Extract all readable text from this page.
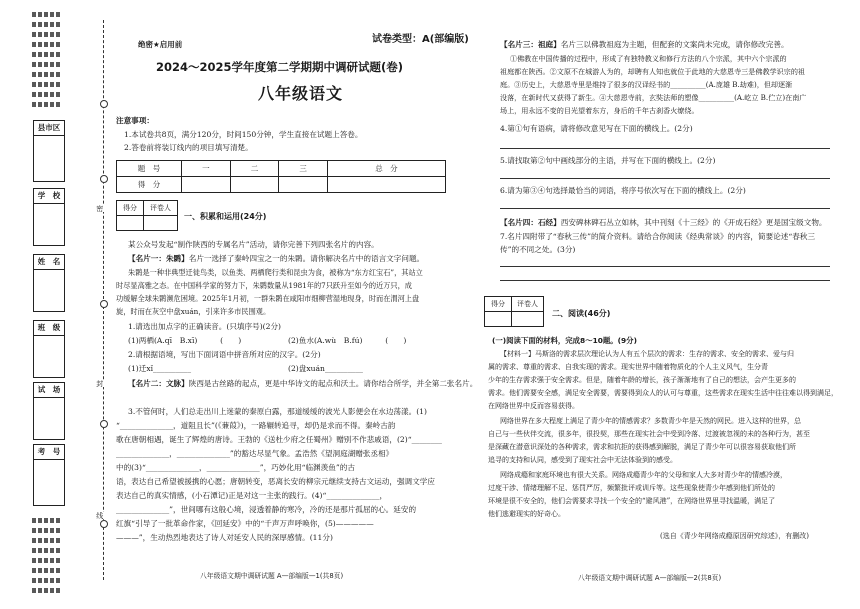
县市区
学　校
姓　名
班　级
试　场
考　号
密
封
线
绝密★启用前	试卷类型：A(部编版)
2024～2025学年度第二学期期中调研试题(卷)
八年级语文
注意事项：
1.本试卷共8页，满分120分，时间150分钟，学生直接在试题上答卷。
2.答卷前将装订线内的项目填写清楚。
题　号	一	二	三	总　分
得　分				
得分	评卷人

一、积累和运用(24分)
某公众号发起“制作陕西的专属名片”活动，请你完善下列四张名片的内容。
【名片一：朱鹮】名片一选择了秦岭四宝之一的朱鹮。请你解决名片中的语言文字问题。
朱鹮是一种非典型迁徙鸟类，以鱼类、两栖爬行类和昆虫为食，被称为“东方红宝石”，其站立
时尽显高雅之态。在中国科学家的努力下，朱鹮数量从1981年的7只跃升至如今的近万只，成
功缓解全球朱鹮濒危困境。2025年1月初，一群朱鹮在咸阳市细柳营湿地现身，时而在渭河上盘
旋，时而在灰空中盘xuán，引来许多市民围观。
1.请选出加点字的正确读音。(只填序号)(2分)
(1)两栖(A.qī　B.xī)　　　(　　)	(2)鱼水(A.wù　B.fú)　　　(　　)
2.请根据语境，写出下面词语中拼音所对应的汉字。(2分)
(1)迁xǐ__________	(2)盘xuán__________
【名片二：文脉】陕西是古丝路的起点，更是中华诗文的起点和沃土。请你结合所学，并全第二张名片。
3.不管何时，人们总走出川上迷蒙的秦原白露，那道缓缓的波光人影便会在水边荡漾。(1)
“______________，道阻且长”(《蒹葭》)，一路辗转追寻，却仍是求而不得。秦岭古韵
歌在唐朝相遇，诞生了辉煌的唐诗。王勃的《送杜少府之任蜀州》赠别不作悲戚语，(2)“________
______________，______________”的豁达尽显气象。孟浩然《望洞庭湖赠张丞相》
中的(3)“______________，______________”，巧妙化用“临渊羡鱼”的古
语，表达自己希望被援携的心愿；唐朝转变，恶离长安的柳宗元继续支持古文运动，强调文学应
表达自己的真实情感，(小石潭记)正是对这一主张的践行。(4)“______________，
______________”，世间哪有这般心境，浸透着静的寒冷，冷的还是那片孤屈的心。延安的
红旗“引导了一批革命作家，《回延安》中的“千声万声呼唤你，(5)—————
———”，生动热烈地表达了诗人对延安人民的深厚感情。(11分)
八年级语文期中调研试题 A—部编版—1(共8页)
【名片三：祖庭】名片三以佛教祖庭为主题，但配套的文案尚未完成，请你修改完善。
①佛教在中国传播的过程中，形成了有独特教义和修行方法的八个宗派，其中六个宗派的
祖庭都在陕西。②文原不在城游人为的，却聘有人知也就位于此地的大慈恩寺三是佛教学识宗的祖
庭。③历史上，大慈恩寺里是维持了很多的汉译经书的__________(A.庞雄 B.劫难)，但却逐渐
没落，在新时代又获得了新生。④大慈恩寺前，玄奘法师的塑像__________(A.屹立 B.伫立)在南广
场上，用永远不变的目光望着东方，身后的千年古刹香火缭绕。
4.第①句有语病，请将修改意见写在下面的横线上。(2分)
5.请找取第②句中画线部分的主语，并写在下面的横线上。(2分)
6.请为第③④句选择最恰当的词语，将序号依次写在下面的横线上。(2分)
【名片四：石经】西安碑林碑石丛立如林，其中刊刻《十三经》的《开成石经》更是国宝级文物。
7.名片四附带了“春秋三传”的简介资料。请给合你阅读《经典常谈》的内容，简要论述“春秋三
传”的不同之处。(3分)
得分	评卷人

二、阅读(46分)
(一)阅读下面的材料，完成8～10题。(9分)
【材料一】马斯洛的需求层次理论认为人有五个层次的需求：生存的需求、安全的需求、爱与归
属的需求、尊重的需求、自我实现的需求。现实世界中随着物质化的个人主义风气，生分青
少年的生存需求强于安全需求。但是，随着年龄的增长，孩子渐渐地有了自己的想法，会产生更多的
需求。他们需要安全感，满足安全需要，需要得到众人的认可与尊重，这些需求在现实生活中往往难以得到满足，
在网络世界中反而容易获得。
网络世界在多大程度上满足了青少年的情感需求？多数青少年是天然的网民。进入这样的世界，总
自己与一些伙伴交流，很多年，很投契，那些在现实社会中受到冷落、过渡被忽视的未的各种行为，甚至
是深藏在潜意识深处的各种需求，需求和抗拒的获得感到解脱，满足了青少年可以很容易获取他们所
追寻的支持和认同，感受到了现实社会中无法体验到的感受。
网络成瘾和家庭环境也有很大关系。网络成瘾青少年的父母和家人大多对青少年的情感冷漠，
过度干涉、情绪理解不足、惩罚严厉，频繁批评或训斥等。这些现象使青少年感到他们所处的
环境是很不安全的，他们会需要求寻找一个安全的“避风港”，在网络世界里寻找温暖，满足了
他们逃避现实的好奇心。
(选自《青少年网络成瘾原因研究综述》，有删改)
八年级语文期中调研试题 A—部编版—2(共8页)
